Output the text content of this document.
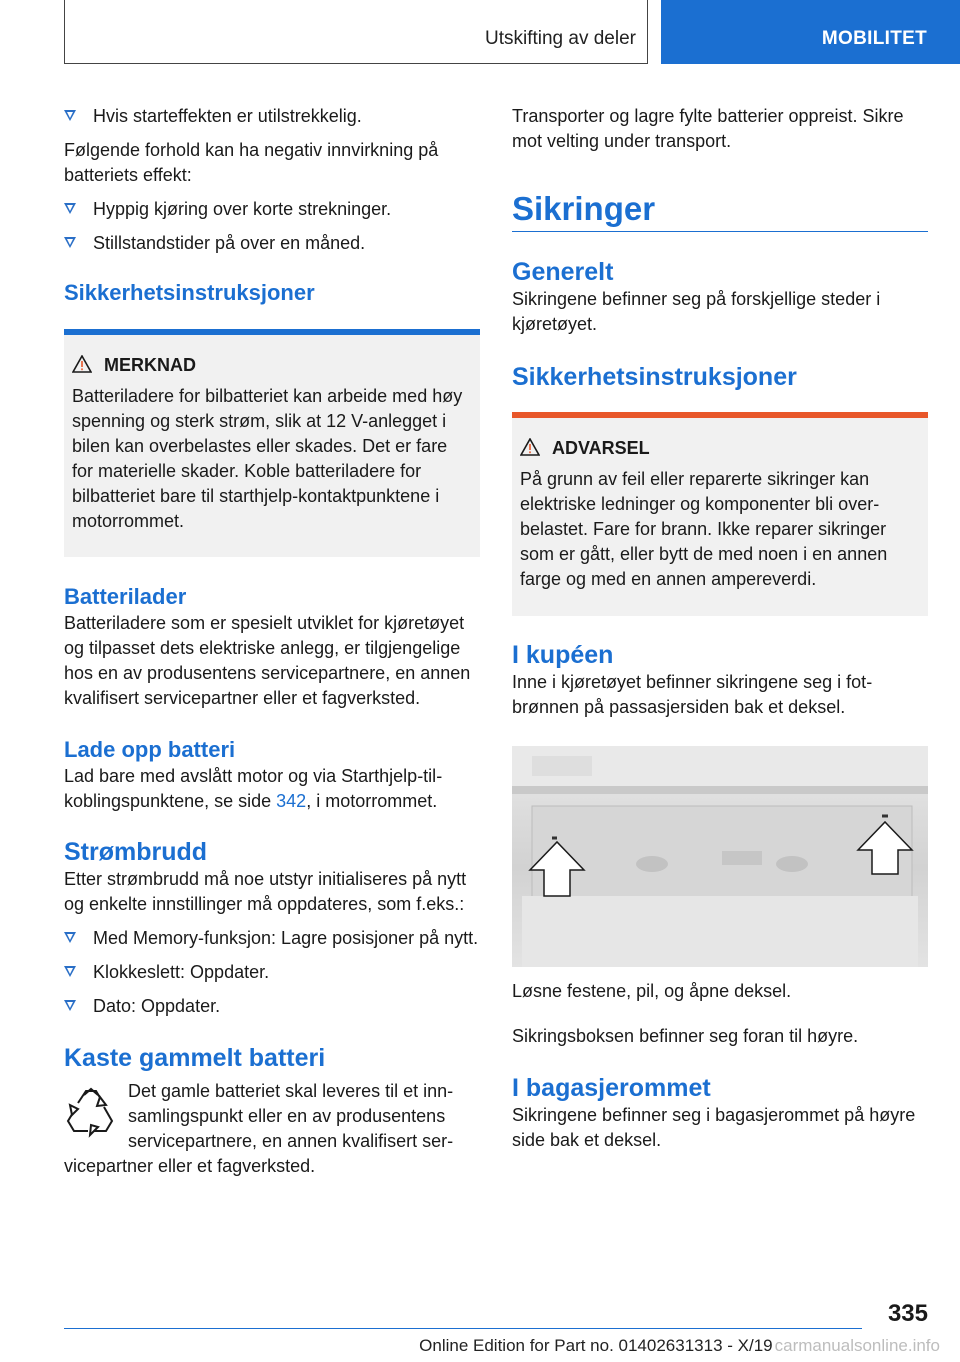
Utskifting av deler	MOBILITET
Hvis starteffekten er utilstrekkelig.

Følgende forhold kan ha negativ innvirkning på batteriets effekt:

Hyppig kjøring over korte strekninger.
Stillstandstider på over en måned.
Sikkerhetsinstruksjoner
MERKNAD

Batteriladere for bilbatteriet kan arbeide med høy spenning og sterk strøm, slik at 12 V-anlegget i bilen kan overbelastes eller skades. Det er fare for materielle skader. Koble batteriladere for bilbatteriet bare til starthjelp-kontaktpunktene i motorrommet.

Batterilader

Batteriladere som er spesielt utviklet for kjøretøyet og tilpasset dets elektriske anlegg, er tilgjengelige hos en av produsentens servicepartnere, en annen kvalifisert servicepartner eller et fagverksted.

Lade opp batteri

Lad bare med avslått motor og via Starthjelp-tilkoblingspunktene, se side 342, i motorrommet.

Strømbrudd

Etter strømbrudd må noe utstyr initialiseres på nytt og enkelte innstillinger må oppdateres, som f.eks.:

Med Memory-funksjon: Lagre posisjoner på nytt.
Klokkeslett: Oppdater.
Dato: Oppdater.
Kaste gammelt batteri

Det gamle batteriet skal leveres til et innsamlingspunkt eller en av produsentens servicepartnere, en annen kvalifisert servicepartner eller et fagverksted.

Transporter og lagre fylte batterier oppreist. Sikre mot velting under transport.

Sikringer
Generelt

Sikringene befinner seg på forskjellige steder i kjøretøyet.

Sikkerhetsinstruksjoner
ADVARSEL

På grunn av feil eller reparerte sikringer kan elektriske ledninger og komponenter bli overbelastet. Fare for brann. Ikke reparer sikringer som er gått, eller bytt de med noen i en annen farge og med en annen ampereverdi.

I kupéen

Inne i kjøretøyet befinner sikringene seg i fotbrønnen på passasjersiden bak et deksel.

Løsne festene, pil, og åpne deksel.

Sikringsboksen befinner seg foran til høyre.

I bagasjerommet

Sikringene befinner seg i bagasjerommet på høyre side bak et deksel.

335
Online Edition for Part no. 01402631313 - X/19 carmanualsonline.info
